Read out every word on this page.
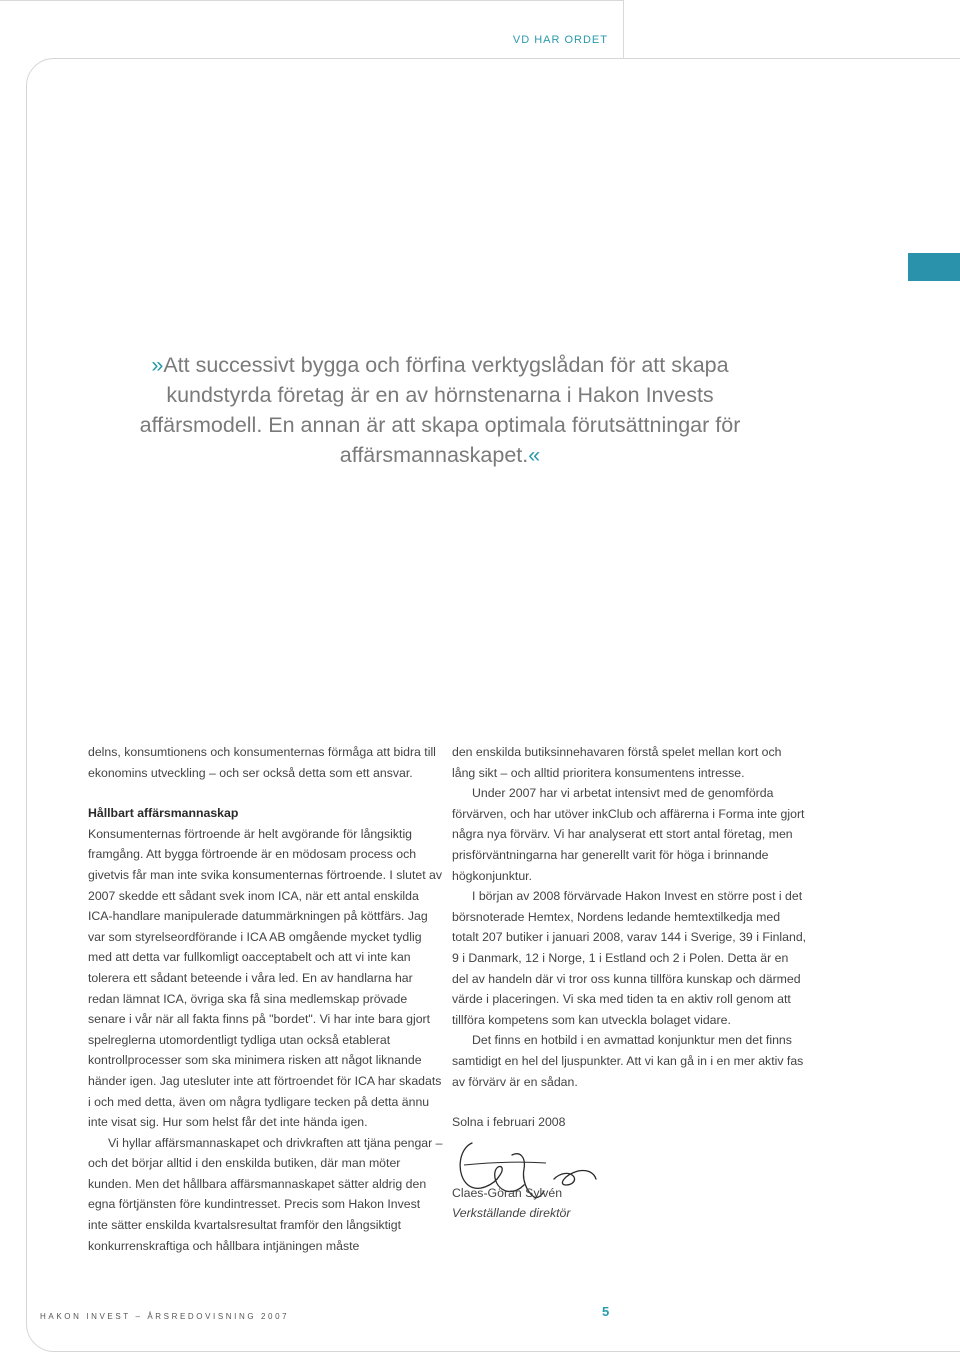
VD HAR ORDET
»Att successivt bygga och förfina verktygslådan för att skapa kundstyrda företag är en av hörnstenarna i Hakon Invests affärsmodell. En annan är att skapa optimala förutsättningar för affärsmannaskapet.«

delns, konsumtionens och konsumenternas förmåga att bidra till ekonomins utveckling – och ser också detta som ett ansvar.

Hållbart affärsmannaskap

Konsumenternas förtroende är helt avgörande för långsiktig framgång. Att bygga förtroende är en mödosam process och givetvis får man inte svika konsumenternas förtroende. I slutet av 2007 skedde ett sådant svek inom ICA, när ett antal enskilda ICA-handlare manipulerade datummärkningen på köttfärs. Jag var som styrelseordförande i ICA AB omgående mycket tydlig med att detta var fullkomligt oacceptabelt och att vi inte kan tolerera ett sådant beteende i våra led. En av handlarna har redan lämnat ICA, övriga ska få sina medlemskap prövade senare i vår när all fakta finns på "bordet". Vi har inte bara gjort spelreglerna utomordentligt tydliga utan också etablerat kontrollprocesser som ska minimera risken att något liknande händer igen. Jag utesluter inte att förtroendet för ICA har skadats i och med detta, även om några tydligare tecken på detta ännu inte visat sig. Hur som helst får det inte hända igen.

Vi hyllar affärsmannaskapet och drivkraften att tjäna pengar – och det börjar alltid i den enskilda butiken, där man möter kunden. Men det hållbara affärsmannaskapet sätter aldrig den egna förtjänsten före kundintresset. Precis som Hakon Invest inte sätter enskilda kvartalsresultat framför den långsiktigt konkurrenskraftiga och hållbara intjäningen måste

den enskilda butiksinnehavaren förstå spelet mellan kort och lång sikt – och alltid prioritera konsumentens intresse.

Under 2007 har vi arbetat intensivt med de genomförda förvärven, och har utöver inkClub och affärerna i Forma inte gjort några nya förvärv. Vi har analyserat ett stort antal företag, men prisförväntningarna har generellt varit för höga i brinnande högkonjunktur.

I början av 2008 förvärvade Hakon Invest en större post i det börsnoterade Hemtex, Nordens ledande hemtextilkedja med totalt 207 butiker i januari 2008, varav 144 i Sverige, 39 i Finland, 9 i Danmark, 12 i Norge, 1 i Estland och 2 i Polen. Detta är en del av handeln där vi tror oss kunna tillföra kunskap och därmed värde i placeringen. Vi ska med tiden ta en aktiv roll genom att tillföra kompetens som kan utveckla bolaget vidare.

Det finns en hotbild i en avmattad konjunktur men det finns samtidigt en hel del ljuspunkter. Att vi kan gå in i en mer aktiv fas av förvärv är en sådan.

Solna i februari 2008

Claes-Göran Sylvén

Verkställande direktör

HAKON INVEST – ÅRSREDOVISNING 2007	5
